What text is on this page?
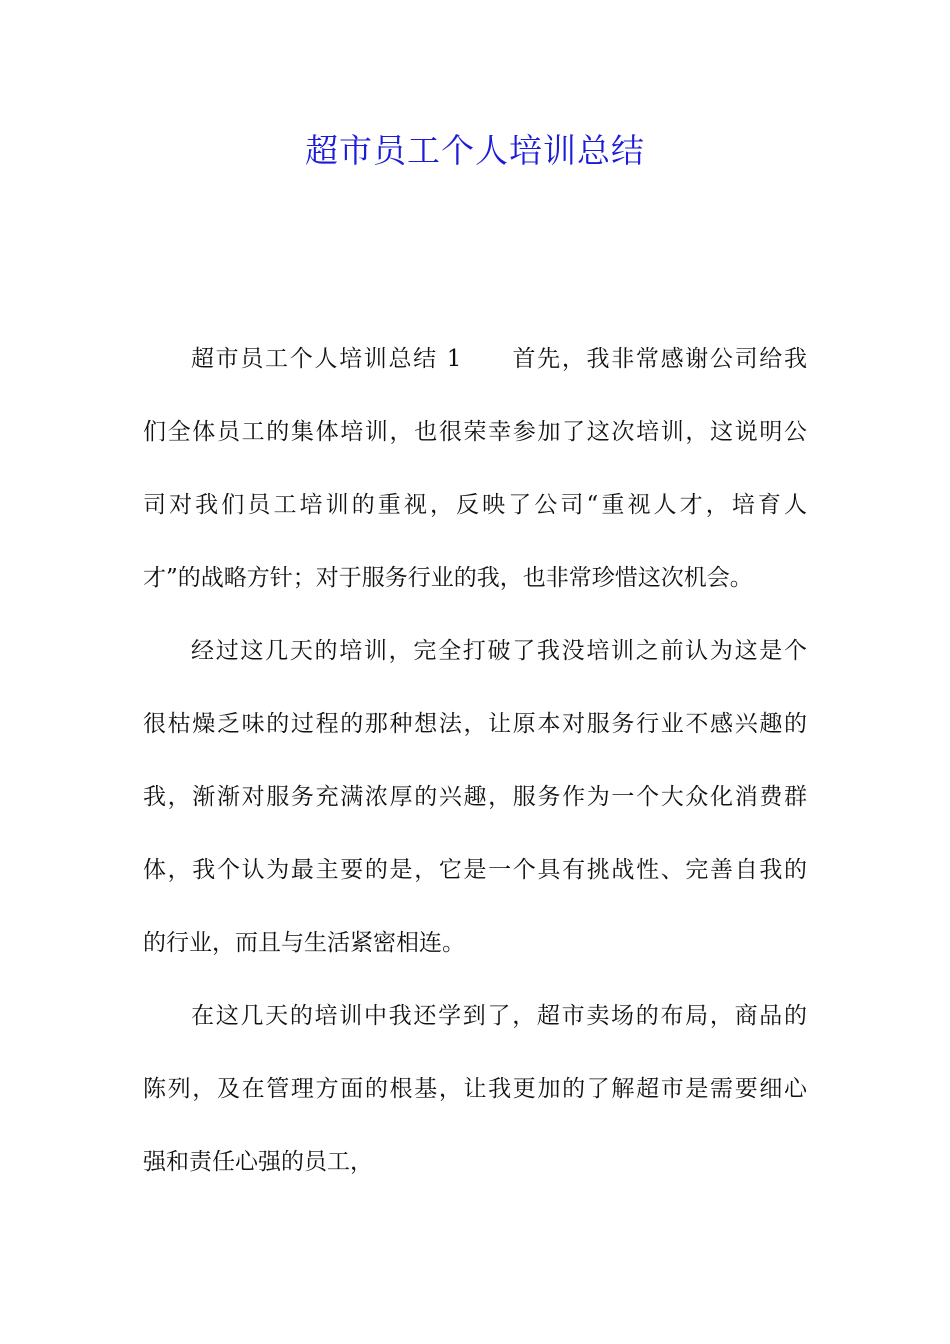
超市员工个人培训总结
超市员工个人培训总结 1　　首先，我非常感谢公司给我
们全体员工的集体培训，也很荣幸参加了这次培训，这说明公
司对我们员工培训的重视，反映了公司“重视人才，培育人
才”的战略方针；对于服务行业的我，也非常珍惜这次机会。
经过这几天的培训，完全打破了我没培训之前认为这是个
很枯燥乏味的过程的那种想法，让原本对服务行业不感兴趣的
我，渐渐对服务充满浓厚的兴趣，服务作为一个大众化消费群
体，我个认为最主要的是，它是一个具有挑战性、完善自我的
的行业，而且与生活紧密相连。
在这几天的培训中我还学到了，超市卖场的布局，商品的
陈列，及在管理方面的根基，让我更加的了解超市是需要细心
强和责任心强的员工，
